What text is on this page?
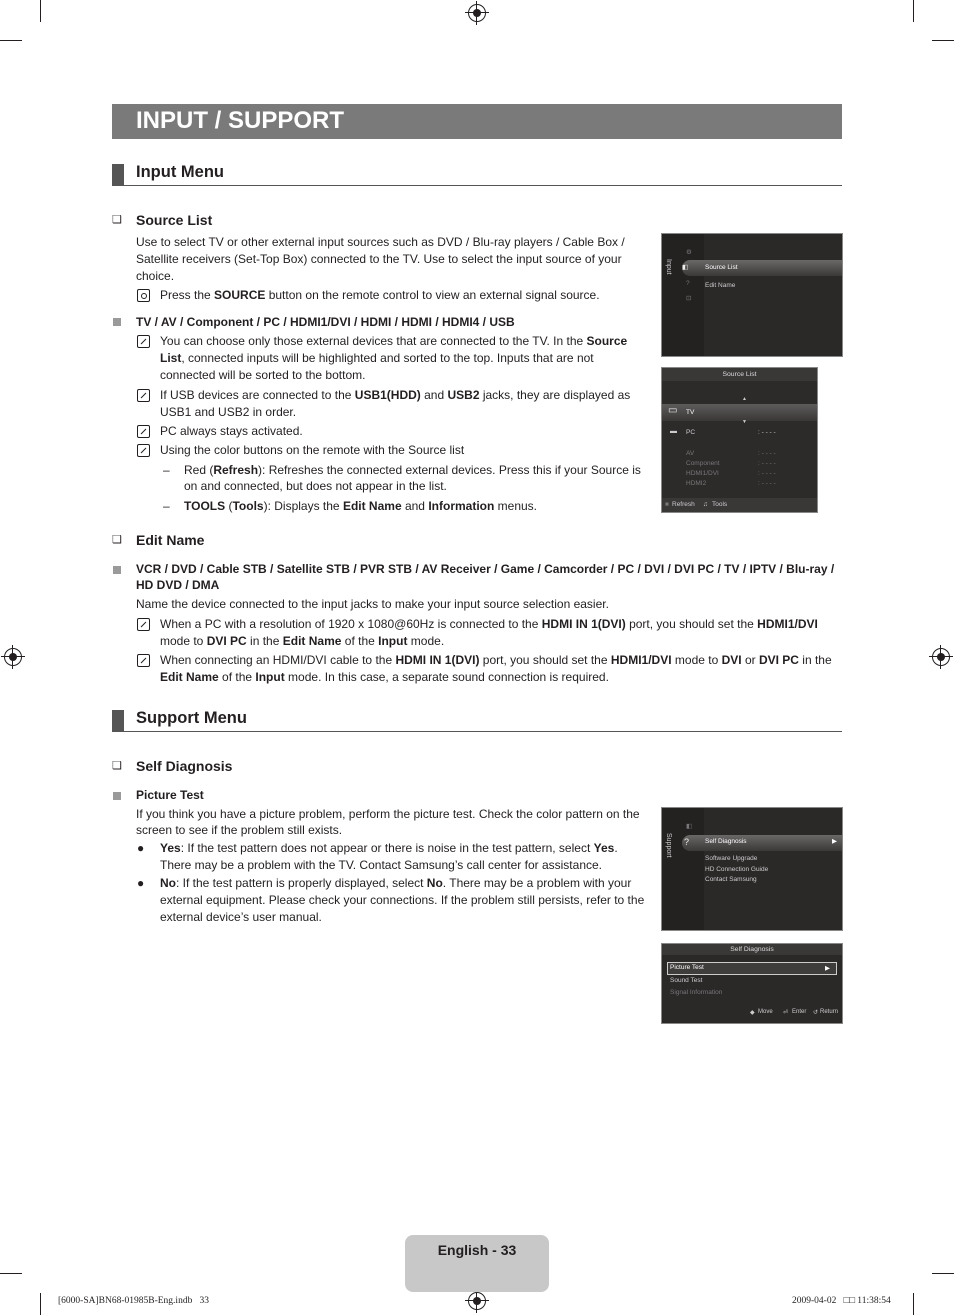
INPUT / SUPPORT
Input Menu
❑ Source List
Use to select TV or other external input sources such as DVD / Blu-ray players / Cable Box / Satellite receivers (Set-Top Box) connected to the TV. Use to select the input source of your choice.
Press the SOURCE button on the remote control to view an external signal source.
TV / AV / Component / PC / HDMI1/DVI / HDMI / HDMI / HDMI4 / USB
You can choose only those external devices that are connected to the TV. In the Source List, connected inputs will be highlighted and sorted to the top. Inputs that are not connected will be sorted to the bottom.
If USB devices are connected to the USB1(HDD) and USB2 jacks, they are displayed as USB1 and USB2 in order.
PC always stays activated.
Using the color buttons on the remote with the Source list
– Red (Refresh): Refreshes the connected external devices. Press this if your Source is on and connected, but does not appear in the list.
– TOOLS (Tools): Displays the Edit Name and Information menus.
❑ Edit Name
VCR / DVD / Cable STB / Satellite STB / PVR STB / AV Receiver / Game / Camcorder / PC / DVI / DVI PC / TV / IPTV / Blu-ray / HD DVD / DMA
Name the device connected to the input jacks to make your input source selection easier.
When a PC with a resolution of 1920 x 1080@60Hz is connected to the HDMI IN 1(DVI) port, you should set the HDMI1/DVI mode to DVI PC in the Edit Name of the Input mode.
When connecting an HDMI/DVI cable to the HDMI IN 1(DVI) port, you should set the HDMI1/DVI mode to DVI or DVI PC in the Edit Name of the Input mode. In this case, a separate sound connection is required.
Support Menu
❑ Self Diagnosis
Picture Test
If you think you have a picture problem, perform the picture test. Check the color pattern on the screen to see if the problem still exists.
● Yes: If the test pattern does not appear or there is noise in the test pattern, select Yes. There may be a problem with the TV. Contact Samsung’s call center for assistance.
● No: If the test pattern is properly displayed, select No. There may be a problem with your external equipment. Please check your connections. If the problem still persists, refer to the external device’s user manual.
Input
⚙
◧
?
⊡
Source List
Edit Name
Source List
▲
▭ TV
▼
▬ PC	: - - - -
AV	: - - - -
Component	: - - - -
HDMI1/DVI	: - - - -
HDMI2	: - - - -
■ Refresh ♫ Tools
Support
◧
? Self Diagnosis	▶
Software Upgrade
HD Connection Guide
Contact Samsung
Self Diagnosis
Picture Test	▶
Sound Test
Signal Information
◆ Move ⏎ Enter ↺ Return
English - 33
[6000-SA]BN68-01985B-Eng.indb   33	2009-04-02   □□ 11:38:54
